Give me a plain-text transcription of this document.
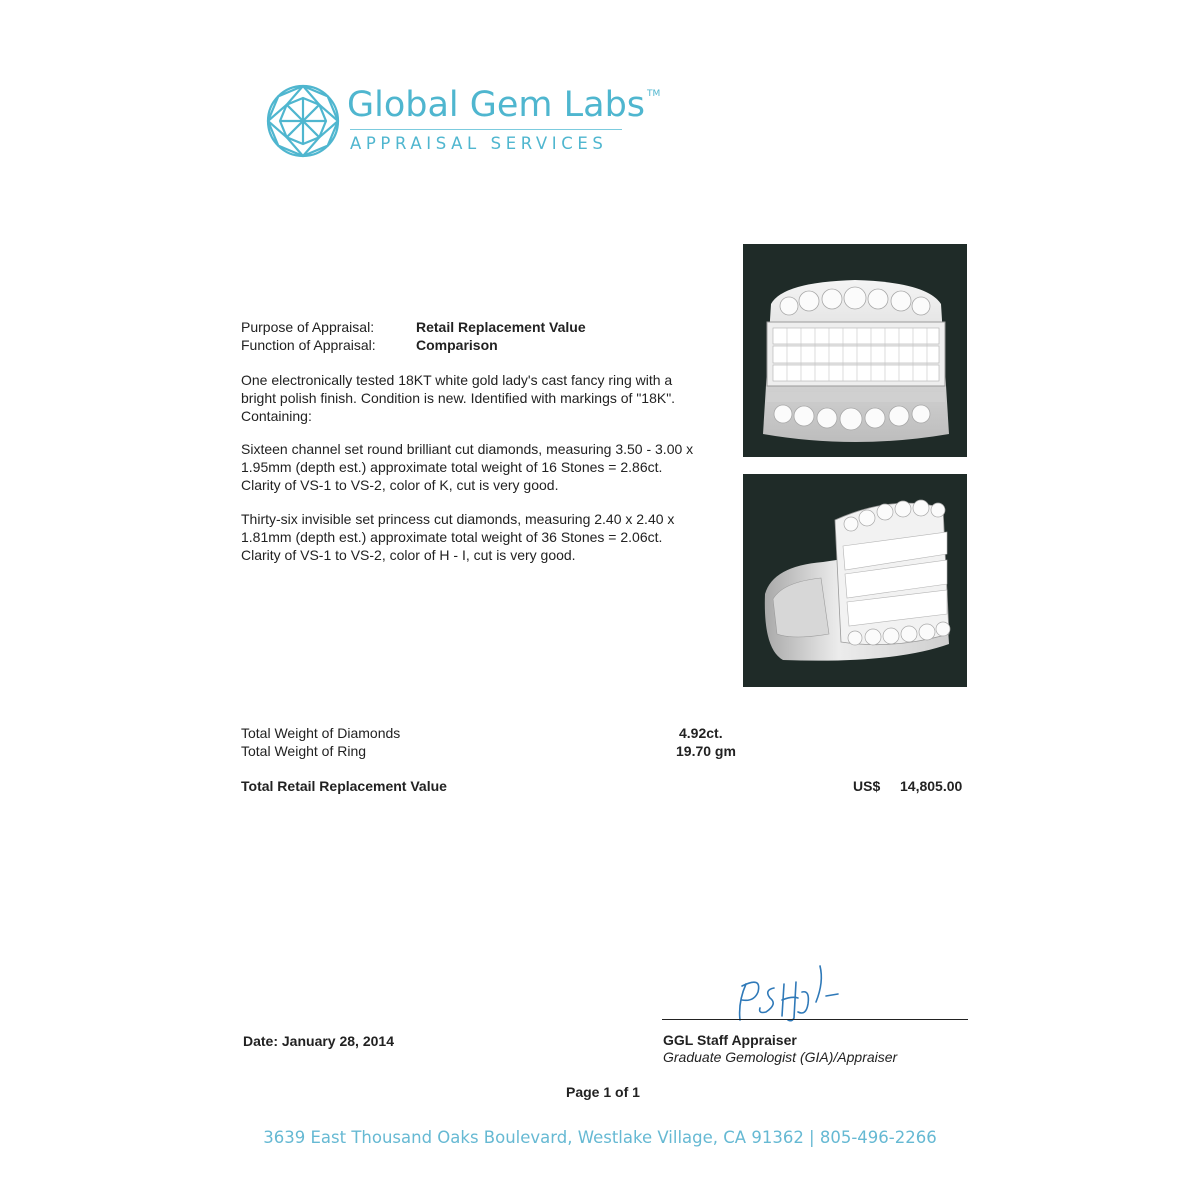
Global Gem Labs ™
APPRAISAL SERVICES
Purpose of Appraisal:	Retail Replacement Value
Function of Appraisal:	Comparison
One electronically tested 18KT white gold lady's cast fancy ring with a bright polish finish. Condition is new. Identified with markings of "18K". Containing:
Sixteen channel set round brilliant cut diamonds, measuring 3.50 - 3.00 x 1.95mm (depth est.) approximate total weight of 16 Stones = 2.86ct. Clarity of VS-1 to VS-2, color of K, cut is very good.
Thirty-six invisible set princess cut diamonds, measuring 2.40 x 2.40 x 1.81mm (depth est.) approximate total weight of 36 Stones = 2.06ct. Clarity of VS-1 to VS-2, color of H - I, cut is very good.
Total Weight of Diamonds	4.92ct.
Total Weight of Ring	19.70 gm
Total Retail Replacement Value	US$ 14,805.00
Date: January 28, 2014	GGL Staff Appraiser
Graduate Gemologist (GIA)/Appraiser
Page 1 of 1
3639 East Thousand Oaks Boulevard, Westlake Village, CA 91362 | 805-496-2266
